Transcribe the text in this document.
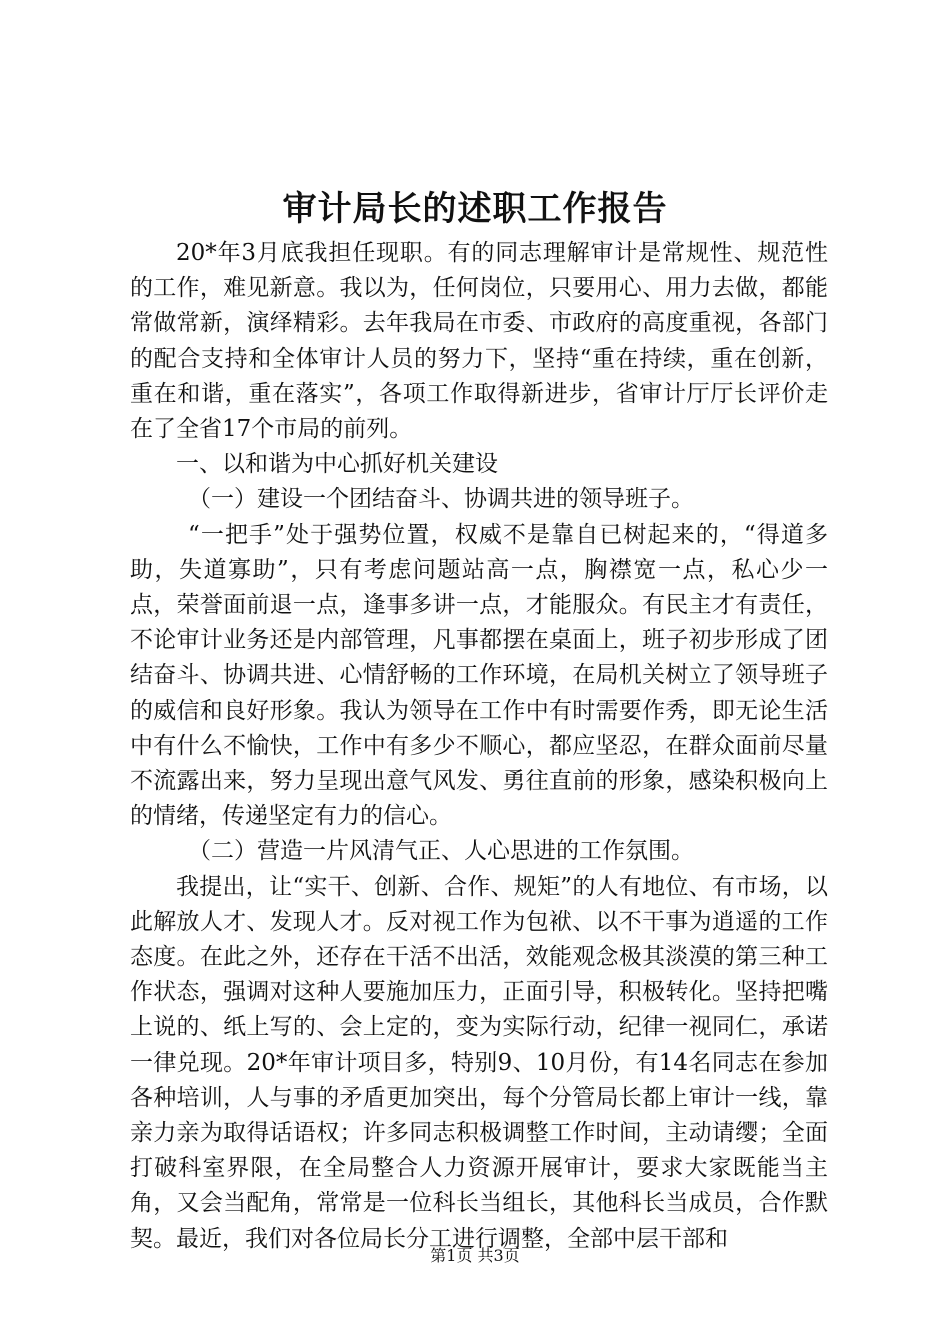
审计局长的述职工作报告

20*年3月底我担任现职。有的同志理解审计是常规性、规范性的工作，难见新意。我以为，任何岗位，只要用心、用力去做，都能常做常新，演绎精彩。去年我局在市委、市政府的高度重视，各部门的配合支持和全体审计人员的努力下，坚持“重在持续，重在创新，重在和谐，重在落实”，各项工作取得新进步，省审计厅厅长评价走在了全省17个市局的前列。

一、以和谐为中心抓好机关建设

（一）建设一个团结奋斗、协调共进的领导班子。

“一把手”处于强势位置，权威不是靠自已树起来的，“得道多助，失道寡助”，只有考虑问题站高一点，胸襟宽一点，私心少一点，荣誉面前退一点，逢事多讲一点，才能服众。有民主才有责任，不论审计业务还是内部管理，凡事都摆在桌面上，班子初步形成了团结奋斗、协调共进、心情舒畅的工作环境，在局机关树立了领导班子的威信和良好形象。我认为领导在工作中有时需要作秀，即无论生活中有什么不愉快，工作中有多少不顺心，都应坚忍，在群众面前尽量不流露出来，努力呈现出意气风发、勇往直前的形象，感染积极向上的情绪，传递坚定有力的信心。

（二）营造一片风清气正、人心思进的工作氛围。

我提出，让“实干、创新、合作、规矩”的人有地位、有市场，以此解放人才、发现人才。反对视工作为包袱、以不干事为逍遥的工作态度。在此之外，还存在干活不出活，效能观念极其淡漠的第三种工作状态，强调对这种人要施加压力，正面引导，积极转化。坚持把嘴上说的、纸上写的、会上定的，变为实际行动，纪律一视同仁，承诺一律兑现。20*年审计项目多，特别9、10月份，有14名同志在参加各种培训，人与事的矛盾更加突出，每个分管局长都上审计一线，靠亲力亲为取得话语权；许多同志积极调整工作时间，主动请缨；全面打破科室界限，在全局整合人力资源开展审计，要求大家既能当主角，又会当配角，常常是一位科长当组长，其他科长当成员，合作默契。最近，我们对各位局长分工进行调整，全部中层干部和

第1页 共3页
